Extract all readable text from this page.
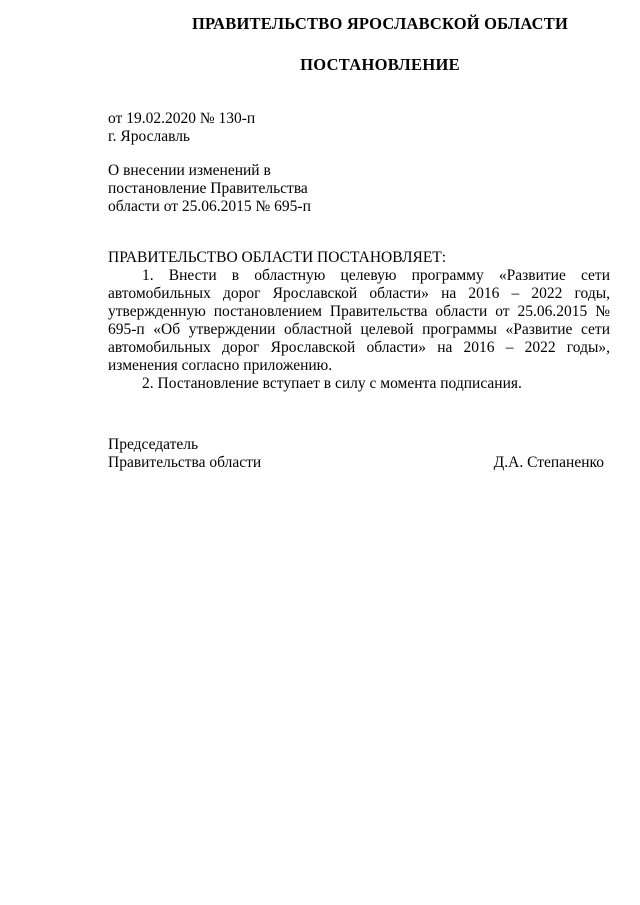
ПРАВИТЕЛЬСТВО ЯРОСЛАВСКОЙ ОБЛАСТИ
ПОСТАНОВЛЕНИЕ
от 19.02.2020 № 130-п
г. Ярославль
О внесении изменений в
постановление Правительства
области от 25.06.2015 № 695-п

ПРАВИТЕЛЬСТВО ОБЛАСТИ ПОСТАНОВЛЯЕТ:

1. Внести в областную целевую программу «Развитие сети автомобильных дорог Ярославской области» на 2016 – 2022 годы, утвержденную постановлением Правительства области от 25.06.2015 № 695-п «Об утверждении областной целевой программы «Развитие сети автомобильных дорог Ярославской области» на 2016 – 2022 годы», изменения согласно приложению.

2. Постановление вступает в силу с момента подписания.

Председатель
Правительства области	Д.А. Степаненко
